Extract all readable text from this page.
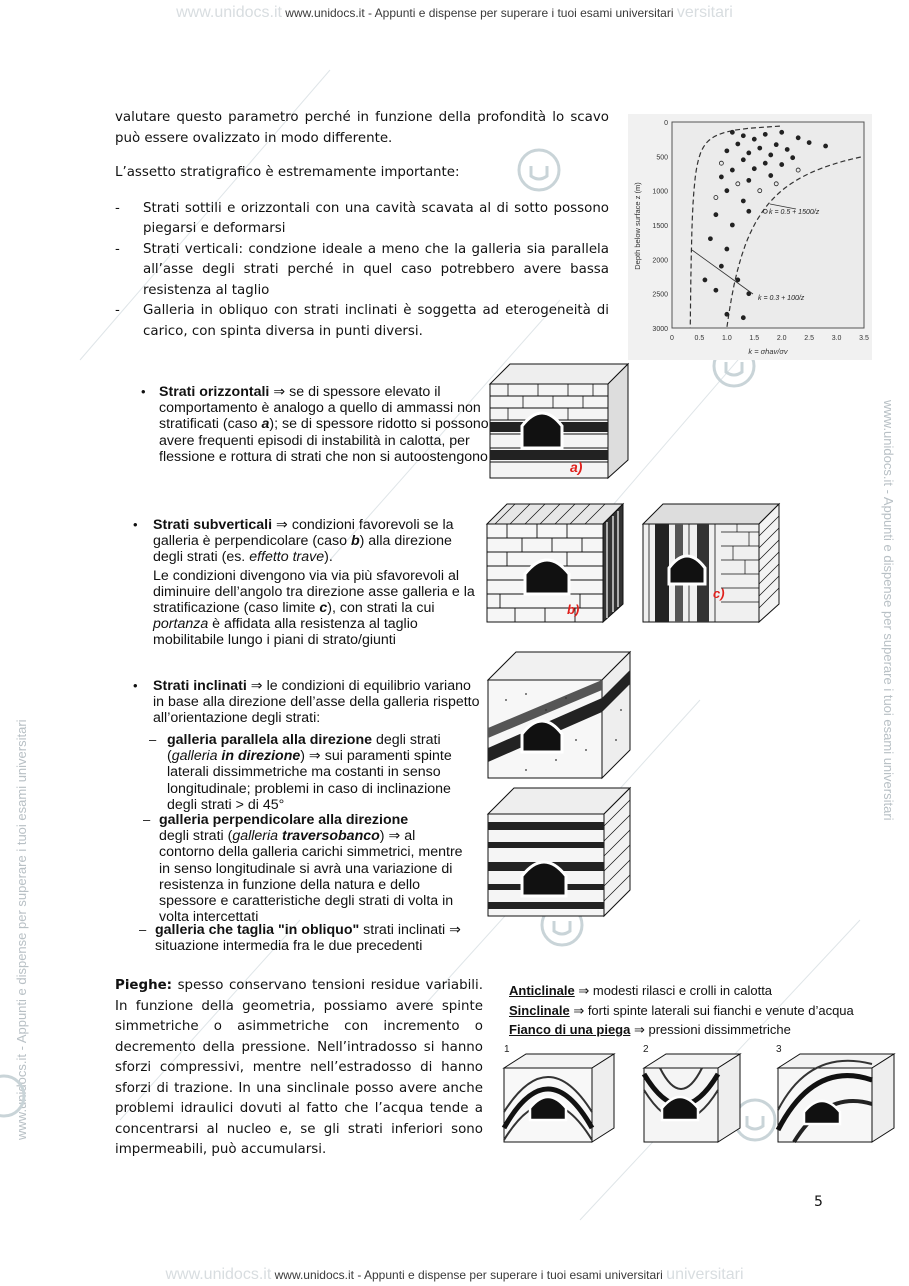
www.unidocs.it www.unidocs.it - Appunti e dispense per superare i tuoi esami universitari versitari
www.unidocs.it - Appunti e dispense per superare i tuoi esami universitari
www.unidocs.it - Appunti e dispense per superare i tuoi esami universitari
valutare questo parametro perché in funzione della profondità lo scavo può essere ovalizzato in modo differente.
L’assetto stratigrafico è estremamente importante:
- Strati sottili e orizzontali con una cavità scavata al di sotto possono piegarsi e deformarsi
- Strati verticali: condzione ideale a meno che la galleria sia parallela all’asse degli strati perché in quel caso potrebbero avere bassa resistenza al taglio
- Galleria in obliquo con strati inclinati è soggetta ad eterogeneità di carico, con spinta diversa in punti diversi.
Depth below surface z (m)
k = σhav/σv
0
500
1000
1500
2000
2500
3000
0	0.5	1.0	1.5	2.0	2.5	3.0	3.5
k = 0.5 + 1500/z
k = 0.3 + 100/z
a)
• Strati orizzontali ⇒ se di spessore elevato il comportamento è analogo a quello di ammassi non stratificati (caso a); se di spessore ridotto si possono avere frequenti episodi di instabilità in calotta, per flessione e rottura di strati che non si autoostengono
• Strati subverticali ⇒ condizioni favorevoli se la galleria è perpendicolare (caso b) alla direzione degli strati (es. effetto trave).
Le condizioni divengono via via più sfavorevoli al diminuire dell’angolo tra direzione asse galleria e la stratificazione (caso limite c), con strati la cui portanza è affidata alla resistenza al taglio mobilitabile lungo i piani di strato/giunti
b)
c)
• Strati inclinati ⇒ le condizioni di equilibrio variano in base alla direzione dell’asse della galleria rispetto all’orientazione degli strati:
– galleria parallela alla direzione degli strati (galleria in direzione) ⇒ sui paramenti spinte laterali dissimmetriche ma costanti in senso longitudinale; problemi in caso di inclinazione degli strati > di 45°
– galleria perpendicolare alla direzione
degli strati (galleria traversobanco) ⇒ al contorno della galleria carichi simmetrici, mentre in senso longitudinale si avrà una variazione di resistenza in funzione della natura e dello spessore e caratteristiche degli strati di volta in volta intercettati
– galleria che taglia "in obliquo" strati inclinati ⇒ situazione intermedia fra le due precedenti
Pieghe: spesso conservano tensioni residue variabili. In funzione della geometria, possiamo avere spinte simmetriche o asimmetriche con incremento o decremento della pressione. Nell’intradosso si hanno sforzi compressivi, mentre nell’estradosso di hanno sforzi di trazione. In una sinclinale posso avere anche problemi idraulici dovuti al fatto che l’acqua tende a concentrarsi al nucleo e, se gli strati inferiori sono impermeabili, può accumularsi.
Anticlinale ⇒ modesti rilasci e crolli in calotta
Sinclinale ⇒ forti spinte laterali sui fianchi e venute d’acqua
Fianco di una piega ⇒ pressioni dissimmetriche
1	2	3
5
www.unidocs.it www.unidocs.it - Appunti e dispense per superare i tuoi esami universitari universitari
